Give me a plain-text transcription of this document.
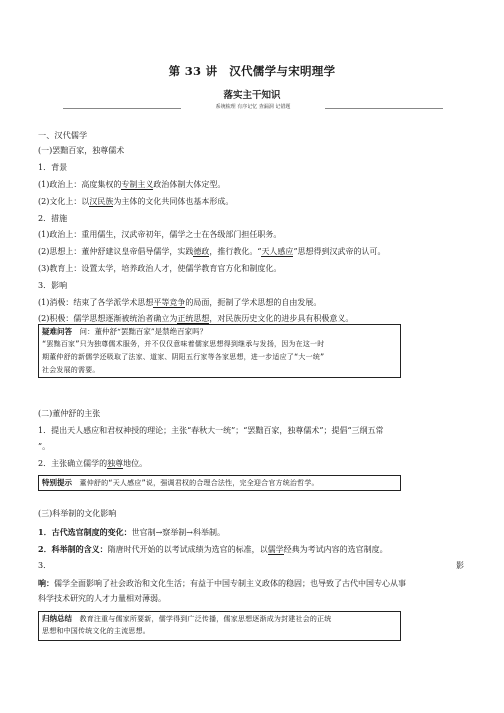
第 33 讲　汉代儒学与宋明理学
落实主干知识
系统梳理 有序记忆 查漏洞 记错题
一、汉代儒学
(一)罢黜百家，独尊儒术
1．背景
(1)政治上：高度集权的专制主义政治体制大体定型。
(2)文化上：以汉民族为主体的文化共同体也基本形成。
2．措施
(1)政治上：重用儒生，汉武帝初年，儒学之士在各级部门担任职务。
(2)思想上：董仲舒建议皇帝倡导儒学，实践德政，推行教化。“天人感应”思想得到汉武帝的认可。
(3)教育上：设置太学，培养政治人才，使儒学教育官方化和制度化。
3．影响
(1)消极：结束了各学派学术思想平等竞争的局面，扼制了学术思想的自由发展。
(2)积极：儒学思想逐渐被统治者确立为正统思想，对民族历史文化的进步具有积极意义。
疑难问答　 问：董仲舒“罢黜百家”是禁绝百家吗？
“罢黜百家”只为独尊儒术服务，并不仅仅意味着儒家思想得到继承与发扬，因为在这一时
期董仲舒的新儒学还吸取了法家、道家、阴阳五行家等各家思想，进一步适应了“大一统”
社会发展的需要。
(二)董仲舒的主张
1．提出天人感应和君权神授的理论；主张“春秋大一统”；“罢黜百家，独尊儒术”；提倡“三纲五常
”。
2．主张确立儒学的独尊地位。
特别提示　 董仲舒的“天人感应”说，强调君权的合理合法性，完全迎合官方统治哲学。
(三)科举制的文化影响
1．古代选官制度的变化：世官制→察举制→科举制。
2．科举制的含义：隋唐时代开始的以考试成绩为选官的标准，以儒学经典为考试内容的选官制度。
3．	影
响：儒学全面影响了社会政治和文化生活；有益于中国专制主义政体的稳固；也导致了古代中国专心从事
科学技术研究的人才力量相对薄弱。
归纳总结　 教育注重与儒家所要新，儒学得到广泛传播，儒家思想逐渐成为封建社会的正统
思想和中国传统文化的主流思想。
